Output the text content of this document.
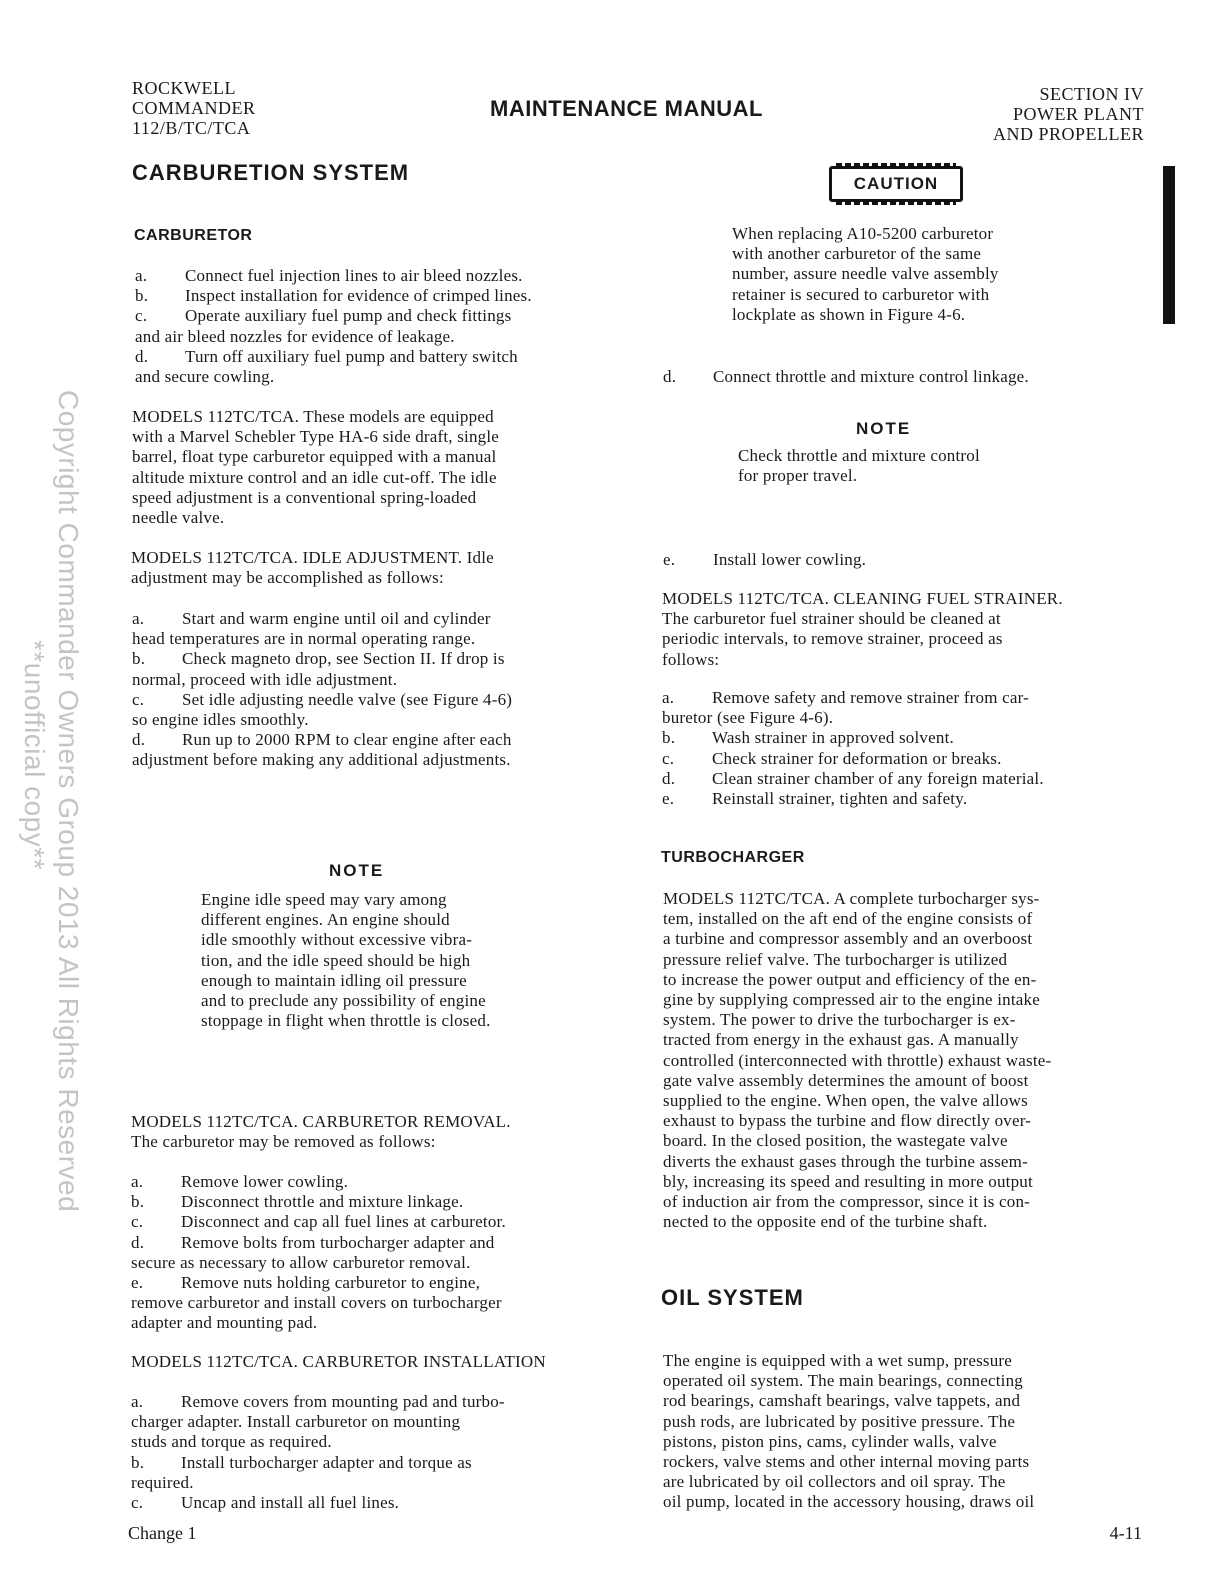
Copyright Commander Owners Group 2013 All Rights Reserved
**unofficial copy**
ROCKWELL
COMMANDER
112/B/TC/TCA
MAINTENANCE MANUAL
SECTION IV
POWER PLANT
AND PROPELLER
CARBURETION SYSTEM
CARBURETOR
a. Connect fuel injection lines to air bleed nozzles.
b. Inspect installation for evidence of crimped lines.
c. Operate auxiliary fuel pump and check fittings
and air bleed nozzles for evidence of leakage.
d. Turn off auxiliary fuel pump and battery switch
and secure cowling.
MODELS 112TC/TCA. These models are equipped
with a Marvel Schebler Type HA-6 side draft, single
barrel, float type carburetor equipped with a manual
altitude mixture control and an idle cut-off. The idle
speed adjustment is a conventional spring-loaded
needle valve.
MODELS 112TC/TCA. IDLE ADJUSTMENT. Idle
adjustment may be accomplished as follows:
a. Start and warm engine until oil and cylinder
head temperatures are in normal operating range.
b. Check magneto drop, see Section II. If drop is
normal, proceed with idle adjustment.
c. Set idle adjusting needle valve (see Figure 4-6)
so engine idles smoothly.
d. Run up to 2000 RPM to clear engine after each
adjustment before making any additional adjustments.
NOTE
Engine idle speed may vary among
different engines. An engine should
idle smoothly without excessive vibra-
tion, and the idle speed should be high
enough to maintain idling oil pressure
and to preclude any possibility of engine
stoppage in flight when throttle is closed.
MODELS 112TC/TCA. CARBURETOR REMOVAL.
The carburetor may be removed as follows:
a. Remove lower cowling.
b. Disconnect throttle and mixture linkage.
c. Disconnect and cap all fuel lines at carburetor.
d. Remove bolts from turbocharger adapter and
secure as necessary to allow carburetor removal.
e. Remove nuts holding carburetor to engine,
remove carburetor and install covers on turbocharger
adapter and mounting pad.
MODELS 112TC/TCA. CARBURETOR INSTALLATION
a. Remove covers from mounting pad and turbo-
charger adapter. Install carburetor on mounting
studs and torque as required.
b. Install turbocharger adapter and torque as
required.
c. Uncap and install all fuel lines.
CAUTION
When replacing A10-5200 carburetor
with another carburetor of the same
number, assure needle valve assembly
retainer is secured to carburetor with
lockplate as shown in Figure 4-6.
d. Connect throttle and mixture control linkage.
NOTE
Check throttle and mixture control
for proper travel.
e. Install lower cowling.
MODELS 112TC/TCA. CLEANING FUEL STRAINER.
The carburetor fuel strainer should be cleaned at
periodic intervals, to remove strainer, proceed as
follows:
a. Remove safety and remove strainer from car-
buretor (see Figure 4-6).
b. Wash strainer in approved solvent.
c. Check strainer for deformation or breaks.
d. Clean strainer chamber of any foreign material.
e. Reinstall strainer, tighten and safety.
TURBOCHARGER
MODELS 112TC/TCA. A complete turbocharger sys-
tem, installed on the aft end of the engine consists of
a turbine and compressor assembly and an overboost
pressure relief valve. The turbocharger is utilized
to increase the power output and efficiency of the en-
gine by supplying compressed air to the engine intake
system. The power to drive the turbocharger is ex-
tracted from energy in the exhaust gas. A manually
controlled (interconnected with throttle) exhaust waste-
gate valve assembly determines the amount of boost
supplied to the engine. When open, the valve allows
exhaust to bypass the turbine and flow directly over-
board. In the closed position, the wastegate valve
diverts the exhaust gases through the turbine assem-
bly, increasing its speed and resulting in more output
of induction air from the compressor, since it is con-
nected to the opposite end of the turbine shaft.
OIL SYSTEM
The engine is equipped with a wet sump, pressure
operated oil system. The main bearings, connecting
rod bearings, camshaft bearings, valve tappets, and
push rods, are lubricated by positive pressure. The
pistons, piston pins, cams, cylinder walls, valve
rockers, valve stems and other internal moving parts
are lubricated by oil collectors and oil spray. The
oil pump, located in the accessory housing, draws oil
Change 1	4-11
